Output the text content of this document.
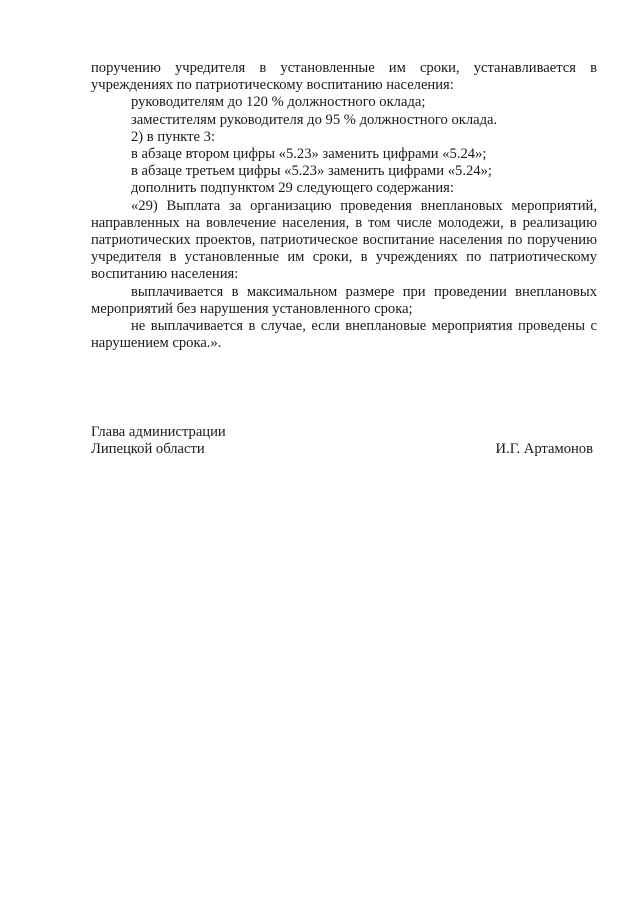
поручению учредителя в установленные им сроки, устанавливается в учреждениях по патриотическому воспитанию населения:

руководителям до 120 % должностного оклада;

заместителям руководителя до 95 % должностного оклада.

2) в пункте 3:

в абзаце втором цифры «5.23» заменить цифрами «5.24»;

в абзаце третьем цифры «5.23» заменить цифрами «5.24»;

дополнить подпунктом 29 следующего содержания:

«29) Выплата за организацию проведения внеплановых мероприятий, направленных на вовлечение населения, в том числе молодежи, в реализацию патриотических проектов, патриотическое воспитание населения по поручению учредителя в установленные им сроки, в учреждениях по патриотическому воспитанию населения:

выплачивается в максимальном размере при проведении внеплановых мероприятий без нарушения установленного срока;

не выплачивается в случае, если внеплановые мероприятия проведены с нарушением срока.».

Глава администрации
Липецкой области	И.Г. Артамонов
